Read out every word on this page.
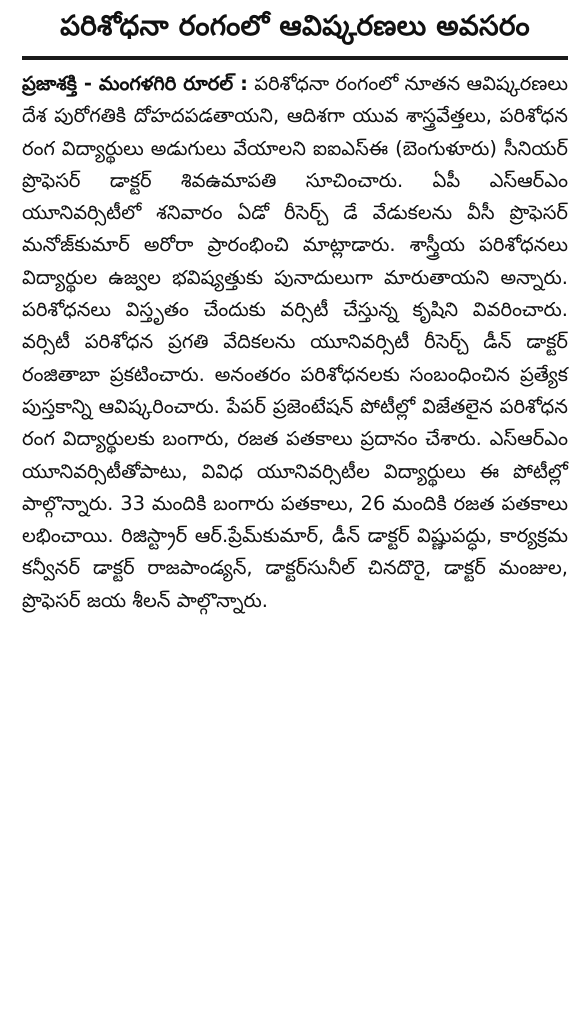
పరిశోధనా రంగంలో ఆవిష్కరణలు అవసరం

ప్రజాశక్తి - మంగళగిరి రూరల్ : పరిశోధనా రంగంలో నూతన ఆవిష్కరణలు దేశ పురోగతికి దోహదపడతాయని, ఆదిశగా యువ శాస్త్రవేత్తలు, పరిశోధన రంగ విద్యార్థులు అడుగులు వేయాలని ఐఐఎస్‌ఈ (బెంగుళూరు) సీనియర్ ప్రొఫెసర్ డాక్టర్ శివఉమాపతి సూచించారు. ఏపీ ఎస్ఆర్ఎం యూనివర్సిటీలో శనివారం ఏడో రీసెర్చ్ డే వేడుకలను వీసీ ప్రొఫెసర్ మనోజ్‌కుమార్ అరోరా ప్రారంభించి మాట్లాడారు. శాస్త్రీయ పరిశోధనలు విద్యార్థుల ఉజ్వల భవిష్యత్తుకు పునాదులుగా మారుతాయని అన్నారు. పరిశోధనలు విస్తృతం చేందుకు వర్సిటీ చేస్తున్న కృషిని వివరించారు. వర్సిటీ పరిశోధన ప్రగతి వేదికలను యూనివర్సిటీ రీసెర్చ్ డీన్ డాక్టర్ రంజితాబా ప్రకటించారు. అనంతరం పరిశోధనలకు సంబంధించిన ప్రత్యేక పుస్తకాన్ని ఆవిష్కరించారు. పేపర్ ప్రజెంటేషన్ పోటీల్లో విజేతలైన పరిశోధన రంగ విద్యార్థులకు బంగారు, రజత పతకాలు ప్రదానం చేశారు. ఎస్ఆర్ఎం యూనివర్సిటీతోపాటు, వివిధ యూనివర్సిటీల విద్యార్థులు ఈ పోటీల్లో పాల్గొన్నారు. 33 మందికి బంగారు పతకాలు, 26 మందికి రజత పతకాలు లభించాయి. రిజిస్ట్రార్ ఆర్.ప్రేమ్‌కుమార్, డీన్ డాక్టర్ విష్ణుపద్ధు, కార్యక్రమ కన్వీనర్ డాక్టర్ రాజపాండ్యన్, డాక్టర్‌సునీల్ చినదొరై, డాక్టర్ మంజుల, ప్రొఫెసర్ జయ శీలన్ పాల్గొన్నారు.
